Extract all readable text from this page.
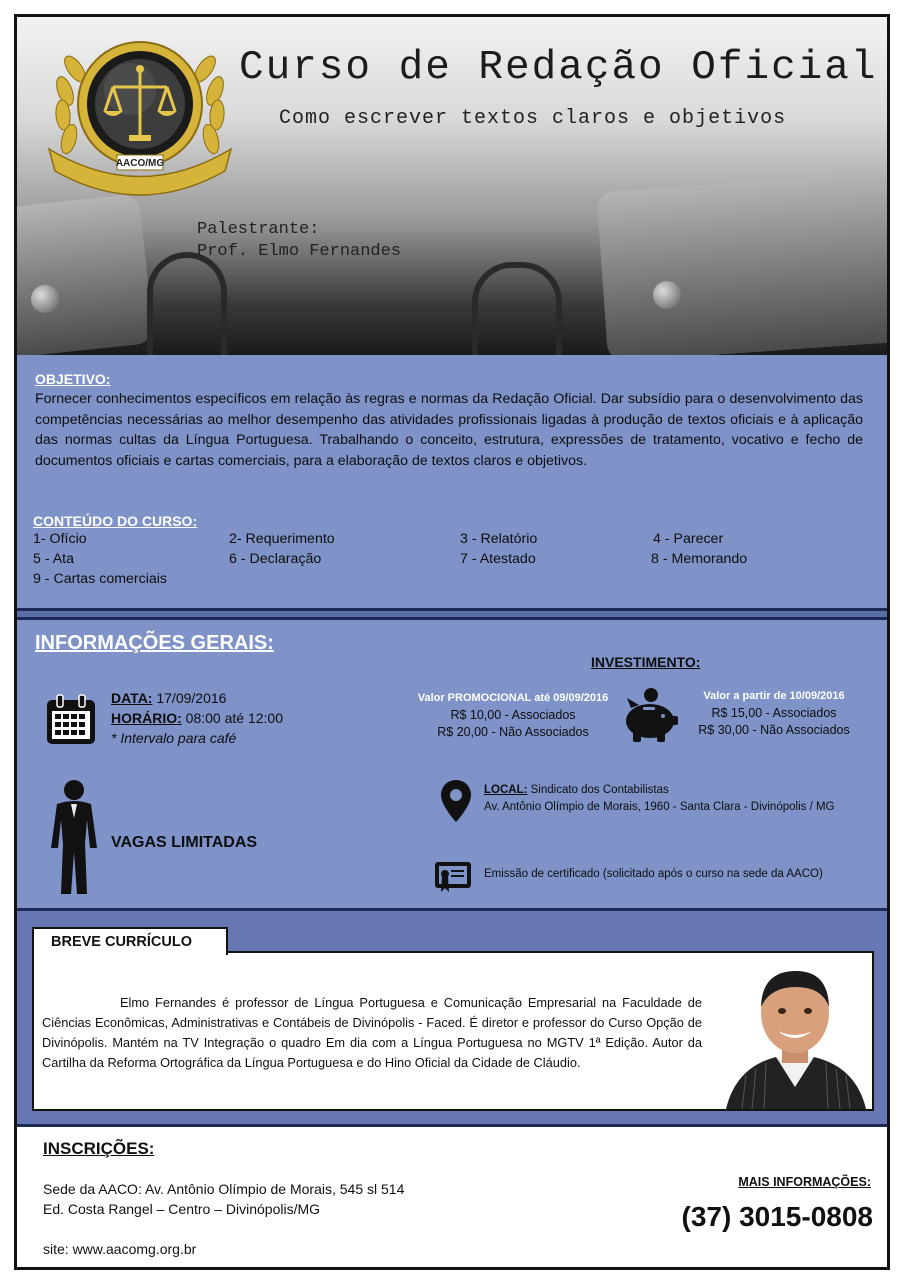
AACO/MG
Curso de Redação Oficial
Como escrever textos claros e objetivos
Palestrante:
Prof. Elmo Fernandes
OBJETIVO:
Fornecer conhecimentos específicos em relação às regras e normas da Redação Oficial. Dar subsídio para o desenvolvimento das competências necessárias ao melhor desempenho das atividades profissionais ligadas à produção de textos oficiais e à aplicação das normas cultas da Língua Portuguesa. Trabalhando o conceito, estrutura, expressões de tratamento, vocativo e fecho de documentos oficiais e cartas comerciais, para a elaboração de textos claros e objetivos.
CONTEÚDO DO CURSO:
1- Ofício	2- Requerimento	3 - Relatório	4 - Parecer
5 - Ata	6 - Declaração	7 - Atestado	8 - Memorando
9 - Cartas comerciais
INFORMAÇÕES GERAIS:
DATA: 17/09/2016
HORÁRIO: 08:00 até 12:00
* Intervalo para café
INVESTIMENTO:
Valor PROMOCIONAL até 09/09/2016
R$ 10,00 - Associados
R$ 20,00 - Não Associados
Valor a partir de 10/09/2016
R$ 15,00 - Associados
R$ 30,00 - Não Associados
VAGAS LIMITADAS
LOCAL: Sindicato dos Contabilistas
Av. Antônio Olímpio de Morais, 1960 - Santa Clara - Divinópolis / MG
Emissão de certificado (solicitado após o curso na sede da AACO)
Elmo Fernandes é professor de Língua Portuguesa e Comunicação Empresarial na Faculdade de Ciências Econômicas, Administrativas e Contábeis de Divinópolis - Faced. É diretor e professor do Curso Opção de Divinópolis. Mantém na TV Integração o quadro Em dia com a Língua Portuguesa no MGTV 1ª Edição. Autor da Cartilha da Reforma Ortográfica da Língua Portuguesa e do Hino Oficial da Cidade de Cláudio.
BREVE CURRÍCULO
INSCRIÇÕES:
Sede da AACO: Av. Antônio Olímpio de Morais, 545 sl 514
Ed. Costa Rangel – Centro – Divinópolis/MG
site: www.aacomg.org.br
MAIS INFORMAÇÕES:
(37) 3015-0808
